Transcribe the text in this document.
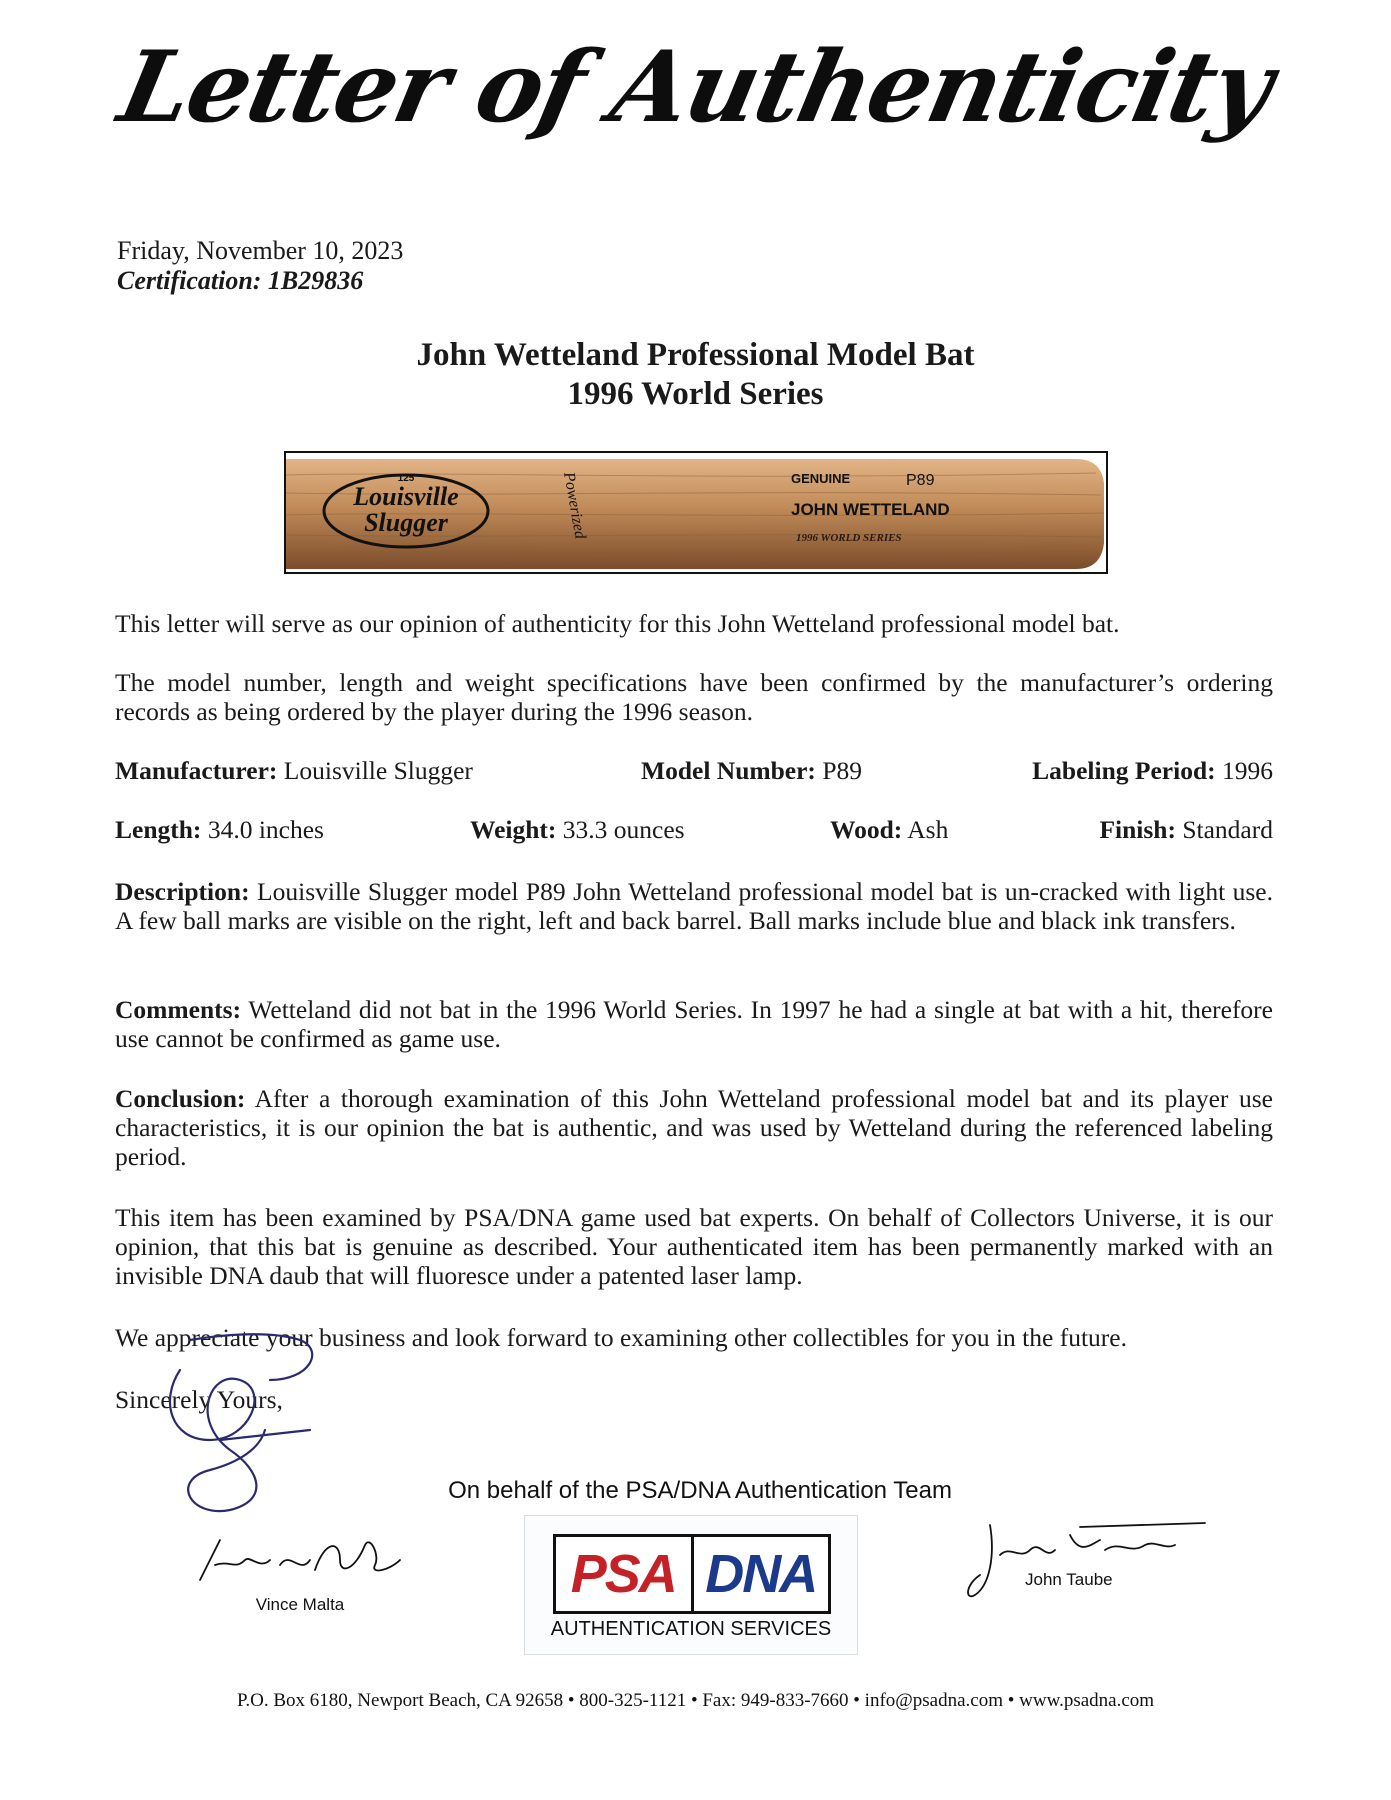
Letter of Authenticity
Friday, November 10, 2023
Certification: 1B29836
John Wetteland Professional Model Bat
1996 World Series
125
Louisville
Slugger	Powerized	GENUINE	P89
JOHN WETTELAND
1996 WORLD SERIES
This letter will serve as our opinion of authenticity for this John Wetteland professional model bat.
The model number, length and weight specifications have been confirmed by the manufacturer’s ordering records as being ordered by the player during the 1996 season.
Manufacturer: Louisville Slugger	Model Number: P89	Labeling Period: 1996
Length: 34.0 inches	Weight: 33.3 ounces	Wood: Ash	Finish: Standard
Description: Louisville Slugger model P89 John Wetteland professional model bat is un-cracked with light use. A few ball marks are visible on the right, left and back barrel. Ball marks include blue and black ink transfers.
Comments: Wetteland did not bat in the 1996 World Series. In 1997 he had a single at bat with a hit, therefore use cannot be confirmed as game use.
Conclusion: After a thorough examination of this John Wetteland professional model bat and its player use characteristics, it is our opinion the bat is authentic, and was used by Wetteland during the referenced labeling period.
This item has been examined by PSA/DNA game used bat experts. On behalf of Collectors Universe, it is our opinion, that this bat is genuine as described. Your authenticated item has been permanently marked with an invisible DNA daub that will fluoresce under a patented laser lamp.
We appreciate your business and look forward to examining other collectibles for you in the future.
Sincerely Yours,
On behalf of the PSA/DNA Authentication Team
Vince Malta
PSA DNA
AUTHENTICATION SERVICES
John Taube
P.O. Box 6180, Newport Beach, CA 92658 • 800-325-1121 • Fax: 949-833-7660 • info@psadna.com • www.psadna.com
